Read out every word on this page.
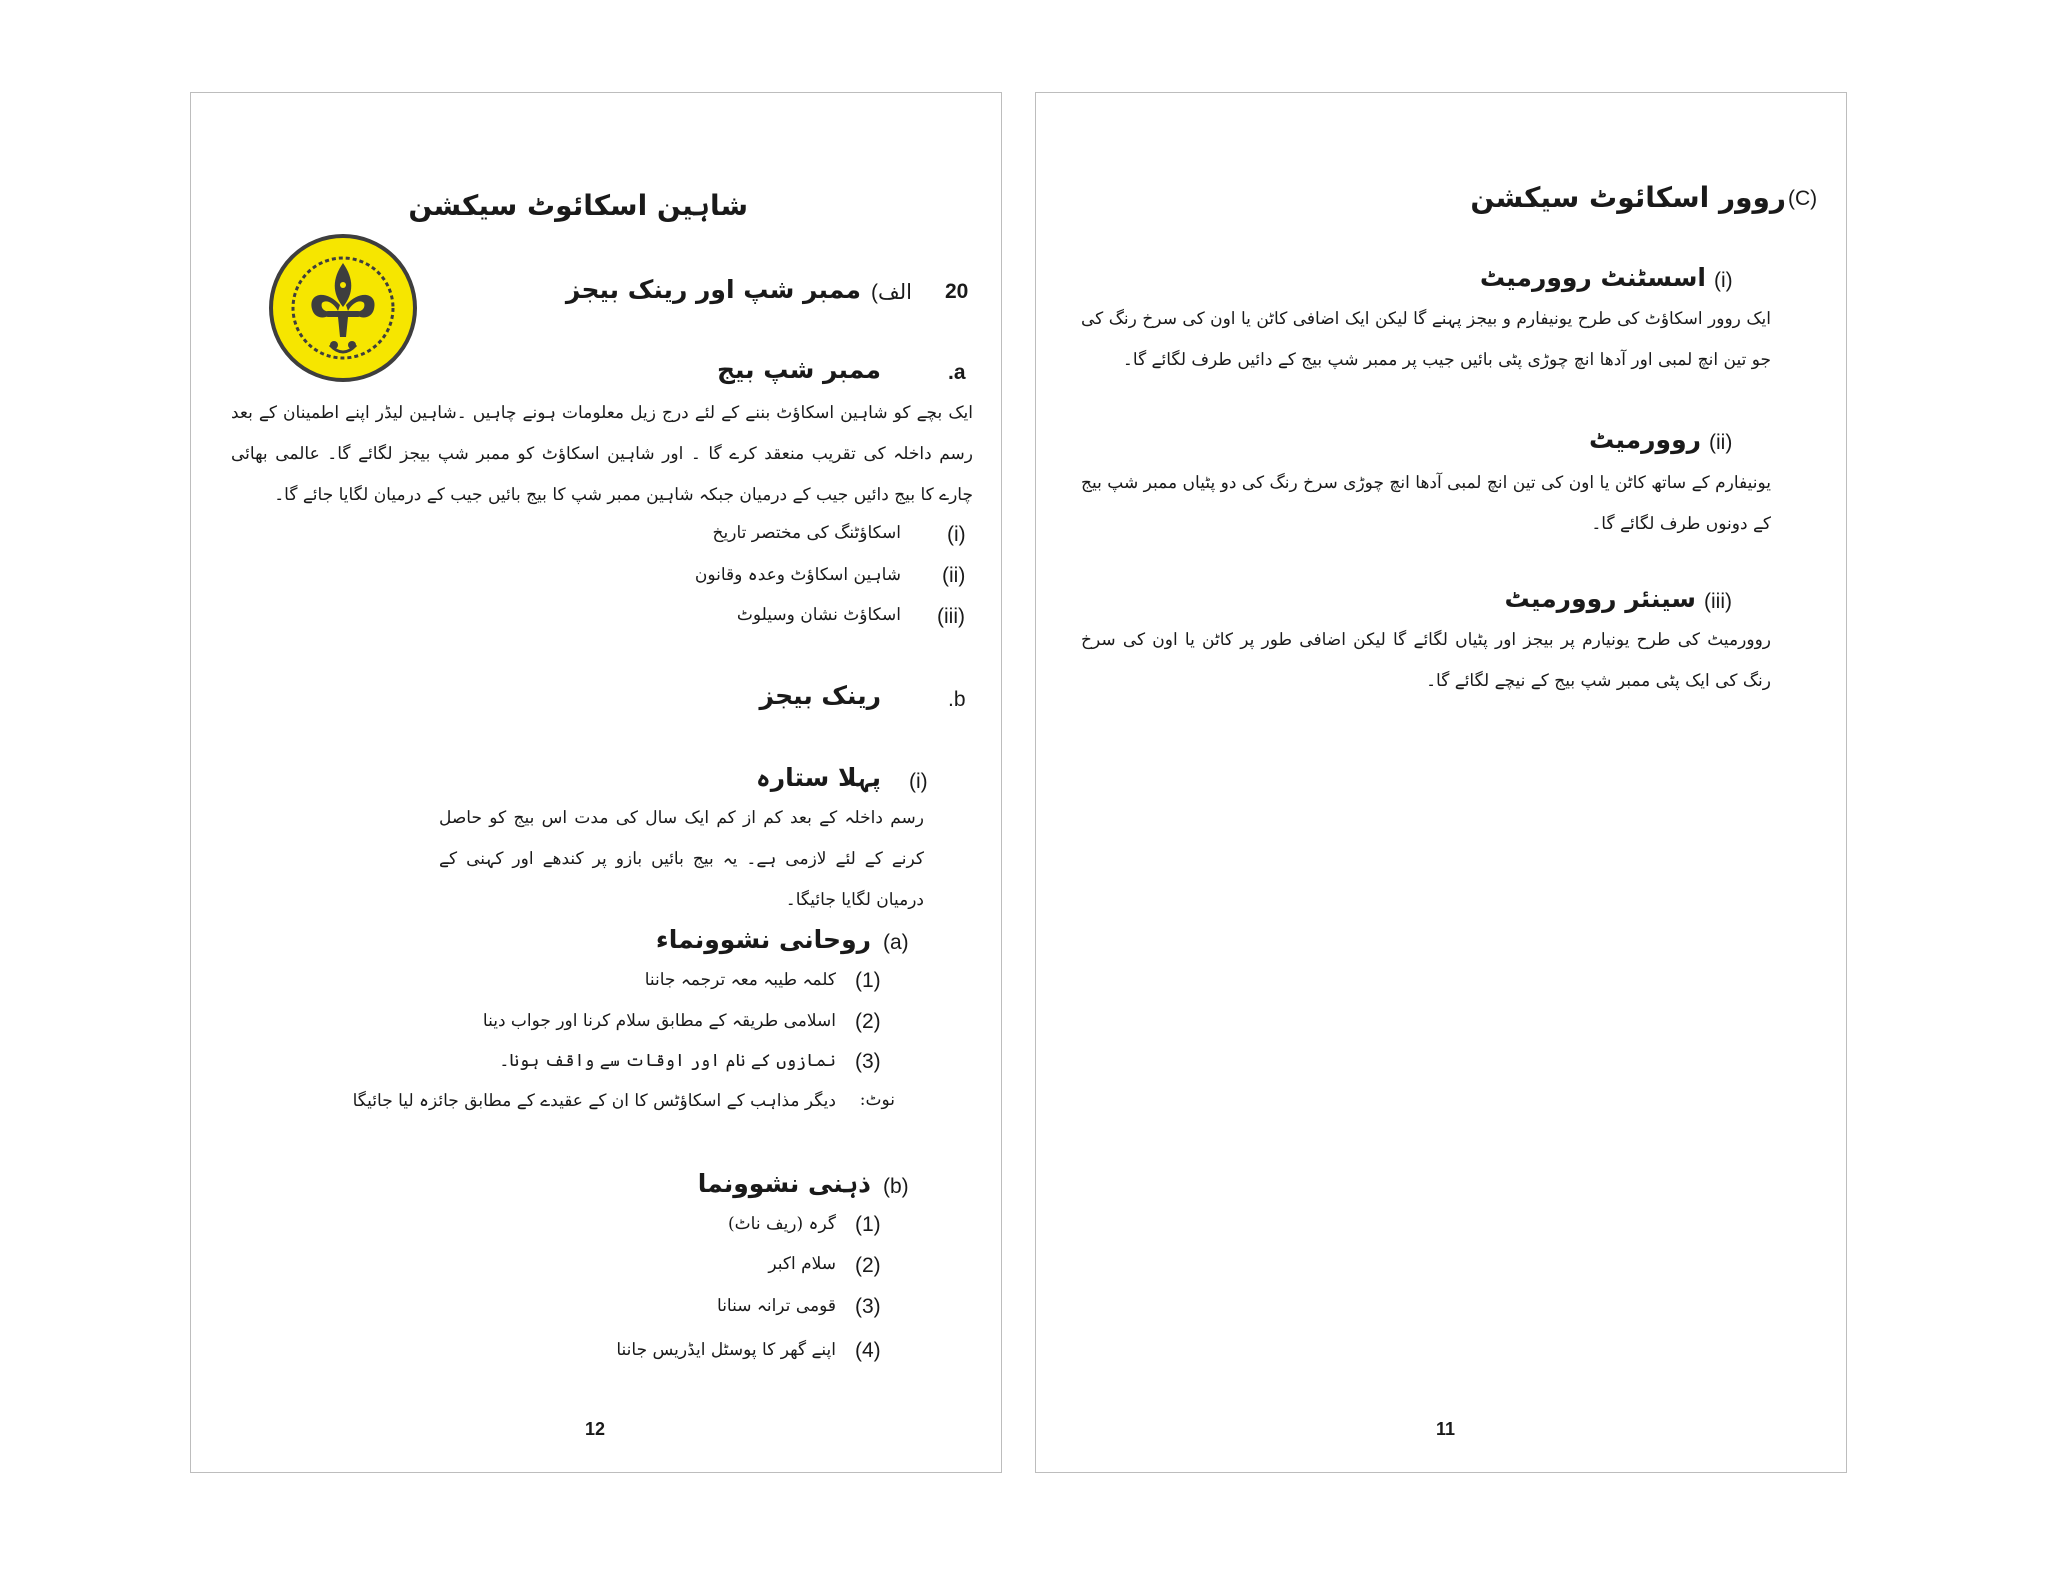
شاہین اسکائوٹ سیکشن
20
(الف
ممبر شپ اور رینک بیجز
.a
ممبر شپ بیج
ایک بچے کو شاہین اسکاؤٹ بننے کے لئے درج زیل معلومات ہونے چاہیں ۔شاہین لیڈر اپنے اطمینان کے بعد رسم داخلہ کی تقریب منعقد کرے گا ۔ اور شاہین اسکاؤٹ کو ممبر شپ بیجز لگائے گا۔ عالمی بھائی چارے کا بیج دائیں جیب کے درمیان جبکہ شاہین ممبر شپ کا بیج بائیں جیب کے درمیان لگایا جائے گا۔
(i)
اسکاؤٹنگ کی مختصر تاریخ
(ii)
شاہین اسکاؤٹ وعدہ وقانون
(iii)
اسکاؤٹ نشان وسیلوٹ
.b
رینک بیجز
(i)
پہلا ستارہ
رسم داخلہ کے بعد کم از کم ایک سال کی مدت اس بیج کو حاصل کرنے کے لئے لازمی ہے۔ یہ بیج بائیں بازو پر کندھے اور کہنی کے درمیان لگایا جائیگا۔
(a)
روحانی نشوونماء
(1)
کلمہ طیبہ معہ ترجمہ جاننا
(2)
اسلامی طریقہ کے مطابق سلام کرنا اور جواب دینا
(3)
نمازوں کے نام اور اوقات سے واقف ہونا۔
نوٹ:
دیگر مذاہب کے اسکاؤٹس کا ان کے عقیدے کے مطابق جائزہ لیا جائیگا
(b)
ذہنی نشوونما
(1)
گرہ (ریف ناٹ)
(2)
سلام اکبر
(3)
قومی ترانہ سنانا
(4)
اپنے گھر کا پوسٹل ایڈریس جاننا
12
(C)
روور اسکائوٹ سیکشن
(i)
اسسٹنٹ روورمیٹ
ایک روور اسکاؤٹ کی طرح یونیفارم و بیجز پہنے گا لیکن ایک اضافی کاٹن یا اون کی سرخ رنگ کی جو تین انچ لمبی اور آدھا انچ چوڑی پٹی بائیں جیب پر ممبر شپ بیج کے دائیں طرف لگائے گا۔
(ii)
روورمیٹ
یونیفارم کے ساتھ کاٹن یا اون کی تین انچ لمبی آدھا انچ چوڑی سرخ رنگ کی دو پٹیاں ممبر شپ بیج کے دونوں طرف لگائے گا۔
(iii)
سینئر روورمیٹ
روورمیٹ کی طرح یونیارم پر بیجز اور پٹیاں لگائے گا لیکن اضافی طور پر کاٹن یا اون کی سرخ رنگ کی ایک پٹی ممبر شپ بیج کے نیچے لگائے گا۔
11
